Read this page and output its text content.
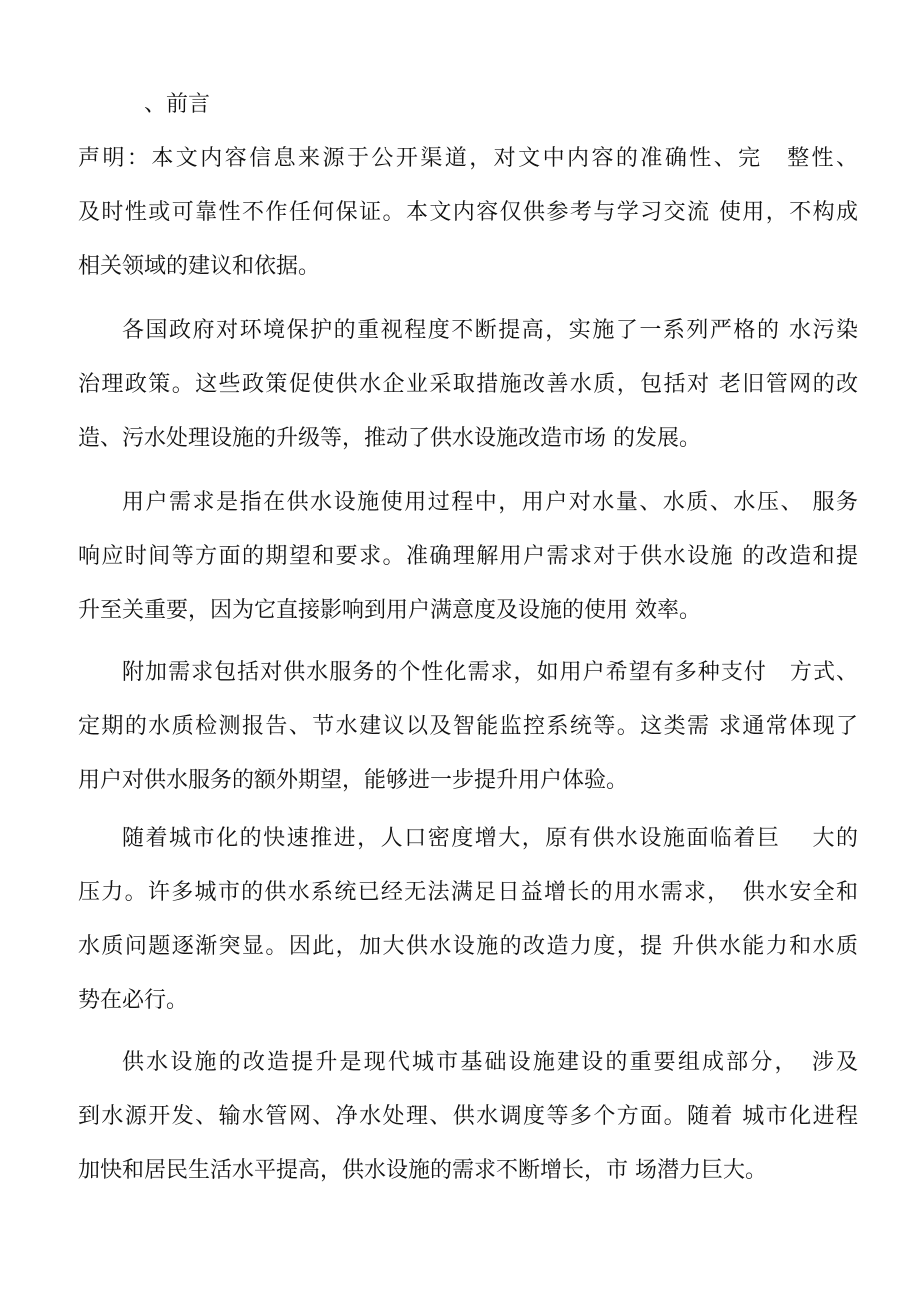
、前言
声明：本文内容信息来源于公开渠道，对文中内容的准确性、完　整性、
及时性或可靠性不作任何保证。本文内容仅供参考与学习交流 使用，不构成
相关领域的建议和依据。
各国政府对环境保护的重视程度不断提高，实施了一系列严格的 水污染
治理政策。这些政策促使供水企业采取措施改善水质，包括对 老旧管网的改
造、污水处理设施的升级等，推动了供水设施改造市场 的发展。
用户需求是指在供水设施使用过程中，用户对水量、水质、水压、 服务
响应时间等方面的期望和要求。准确理解用户需求对于供水设施 的改造和提
升至关重要，因为它直接影响到用户满意度及设施的使用 效率。
附加需求包括对供水服务的个性化需求，如用户希望有多种支付　方式、
定期的水质检测报告、节水建议以及智能监控系统等。这类需 求通常体现了
用户对供水服务的额外期望，能够进一步提升用户体验。
随着城市化的快速推进，人口密度增大，原有供水设施面临着巨　 大的
压力。许多城市的供水系统已经无法满足日益增长的用水需求，　供水安全和
水质问题逐渐突显。因此，加大供水设施的改造力度，提 升供水能力和水质
势在必行。
供水设施的改造提升是现代城市基础设施建设的重要组成部分，　涉及
到水源开发、输水管网、净水处理、供水调度等多个方面。随着 城市化进程
加快和居民生活水平提高，供水设施的需求不断增长，市 场潜力巨大。
